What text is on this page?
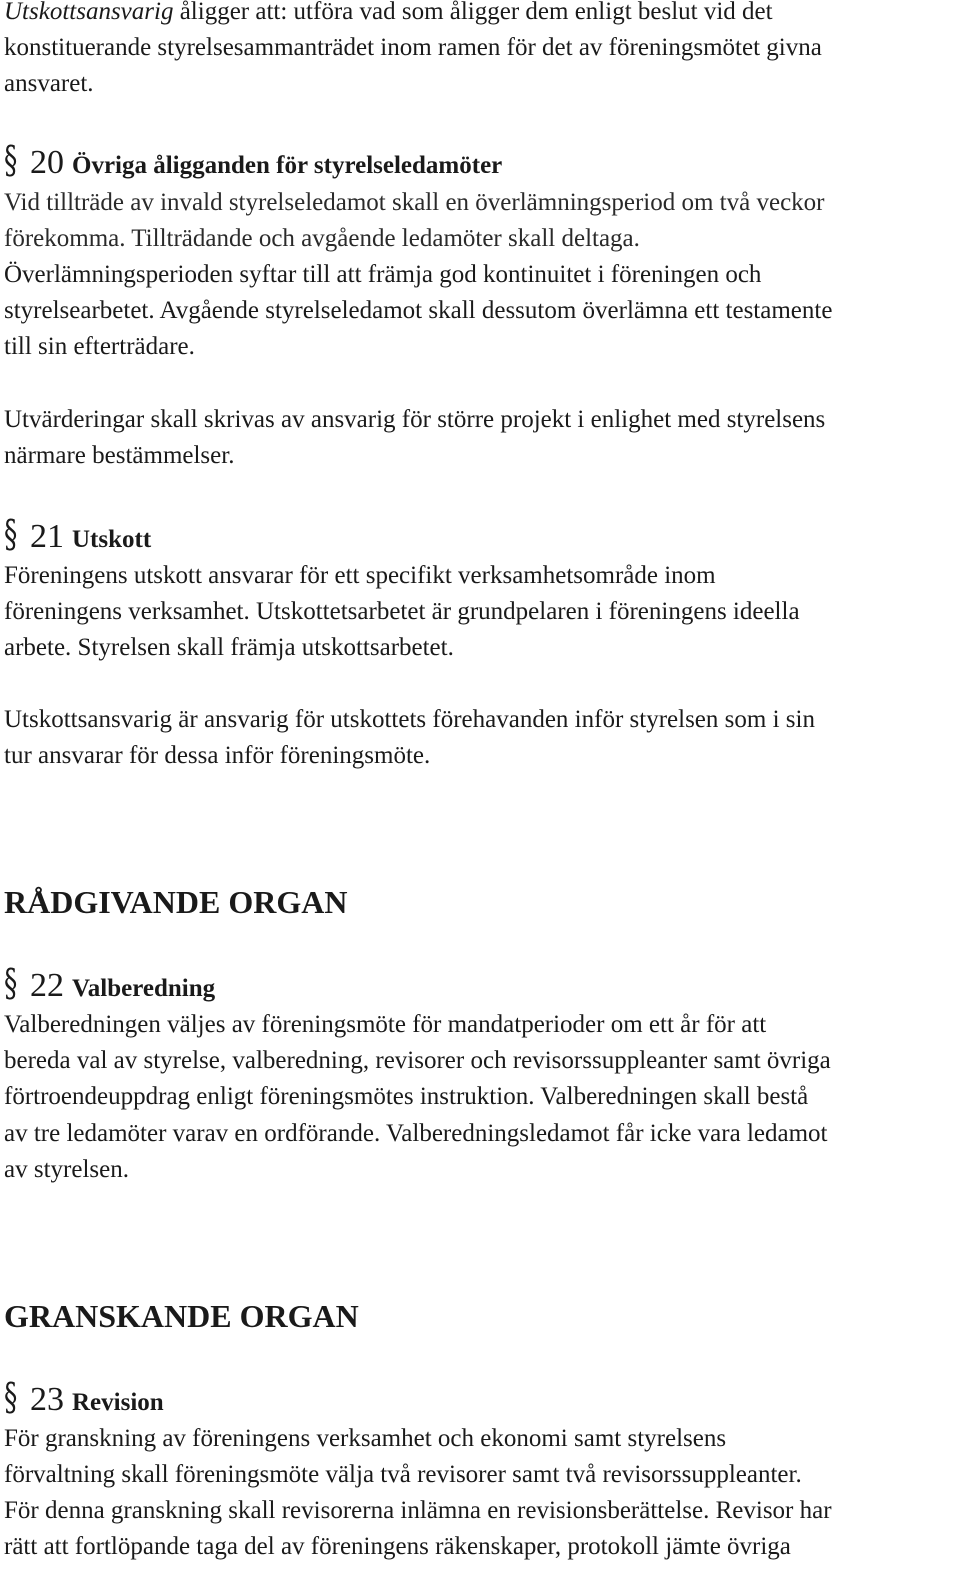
Utskottsansvarig åligger att: utföra vad som åligger dem enligt beslut vid det
konstituerande styrelsesammanträdet inom ramen för det av föreningsmötet givna
ansvaret.
§ 20 Övriga åligganden för styrelseledamöter
Vid tillträde av invald styrelseledamot skall en överlämningsperiod om två veckor
förekomma. Tillträdande och avgående ledamöter skall deltaga.
Överlämningsperioden syftar till att främja god kontinuitet i föreningen och
styrelsearbetet. Avgående styrelseledamot skall dessutom överlämna ett testamente
till sin efterträdare.
Utvärderingar skall skrivas av ansvarig för större projekt i enlighet med styrelsens
närmare bestämmelser.
§ 21 Utskott
Föreningens utskott ansvarar för ett specifikt verksamhetsområde inom
föreningens verksamhet. Utskottetsarbetet är grundpelaren i föreningens ideella
arbete. Styrelsen skall främja utskottsarbetet.
Utskottsansvarig är ansvarig för utskottets förehavanden inför styrelsen som i sin
tur ansvarar för dessa inför föreningsmöte.
RÅDGIVANDE ORGAN
§ 22 Valberedning
Valberedningen väljes av föreningsmöte för mandatperioder om ett år för att
bereda val av styrelse, valberedning, revisorer och revisorssuppleanter samt övriga
förtroendeuppdrag enligt föreningsmötes instruktion. Valberedningen skall bestå
av tre ledamöter varav en ordförande. Valberedningsledamot får icke vara ledamot
av styrelsen.
GRANSKANDE ORGAN
§ 23 Revision
För granskning av föreningens verksamhet och ekonomi samt styrelsens
förvaltning skall föreningsmöte välja två revisorer samt två revisorssuppleanter.
För denna granskning skall revisorerna inlämna en revisionsberättelse. Revisor har
rätt att fortlöpande taga del av föreningens räkenskaper, protokoll jämte övriga
